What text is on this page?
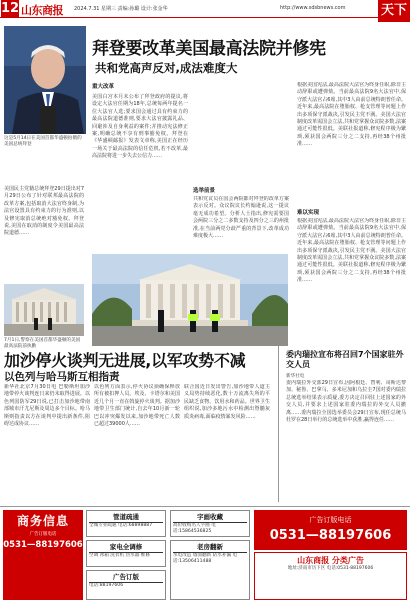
12 山东商报 2024.7.31 星期三 责编:孙璐 设计:张金华	http://www.sdsbnews.com	天下
拜登要改革美国最高法院并修宪
共和党高声反对,成法难度大
这是5月14日在美国首都华盛顿拍摄的美国总统拜登
美国民主党籍总统拜登29日提出对7月29日公布了针对联邦最高法院的改革方案,包括取消大法官终身制,为法官设置具有约束力的行为准则,以及修宪取消总统绝对豁免权。拜登说,美国在取消的制度令美国最高法院道德……
7月1日,警察在美国首都华盛顿的美国最高法院前执勤
重大改革
美国白宫本月末公布了拜登政府的提议,将设定大法官任期为18年,总统每两年提名一位大法官人选;要求国会通过具有约束力的最高法院道德准则,要求大法官披露礼品、回避涉及自身利益的案件;并推动宪法修正案,明确总统不享有刑事豁免权。拜登在《华盛顿邮报》发表文章称,美国正在经历一场关于最高法院的信任危机,若不改革,最高法院将进一步失去公信力……
选举前景
共和党议员在国会两院都对拜登的改革方案表示反对。众议院议长约翰逊说,这一提议毫无成功希望。分析人士指出,修宪需要国会两院三分之二多数支持及四分之三的州批准,在当前两党分歧严重的背景下,改革成功难度极大……
根据美国宪法,最高法院大法官为终身任职,除非主动辞职或遭弹劾。当前最高法院9名大法官中,保守派大法官占6席,其中3人由前总统特朗普任命。近年来,最高法院在堕胎权、枪支管理等问题上作出多项保守派裁决,引发民主党不满。美国大法官制度改革需国会立法,共和党掌握众议院多数,法案通过可能性很低。美联社报道称,修宪程序极为繁琐,须获国会两院三分之二支持,再经38个州批准……
难以实现
根据美国宪法,最高法院大法官为终身任职,除非主动辞职或遭弹劾。当前最高法院9名大法官中,保守派大法官占6席,其中3人由前总统特朗普任命。近年来,最高法院在堕胎权、枪支管理等问题上作出多项保守派裁决,引发民主党不满。美国大法官制度改革需国会立法,共和党掌握众议院多数,法案通过可能性很低。美联社报道称,修宪程序极为繁琐,须获国会两院三分之二支持,再经38个州批准……
加沙停火谈判无进展,以军攻势不减
以色列与哈马斯互相指责
新华社北京7月30日电 巴勒斯坦加沙地带停火谈判连日来仍未取得进展。以色列国防军29日说,已打击加沙地带南部城市汗尤尼斯及周边多个目标。哈马斯则指责以方在谈判中提出新条件,阻碍达成协议……
以色列方面表示,停火协议须确保释放所有被扣押人员。埃及、卡塔尔和美国近几个月一直在斡旋停火谈判。据加沙地带卫生部门统计,自去年10月新一轮巴以冲突爆发以来,加沙地带死亡人数已超过39000人……
联合国近日发出警告,加沙地带人道主义局势持续恶化,数十万流离失所的平民缺乏食物、饮用水和药品。世界卫生组织说,加沙多地污水中检测出脊髓灰质炎病毒,面临疫情暴发风险……
委内瑞拉宣布将召回7个国家驻外交人员
新华社电
委内瑞拉外交部29日宣布,因阿根廷、智利、哥斯达黎加、秘鲁、巴拿马、多米尼加和乌拉圭7国对委内瑞拉总统选举结果表示质疑,委方决定召回驻上述国家的外交人员,并要求上述国家驻委内瑞拉的外交人员撤离……委内瑞拉全国选举委员会29日宣布,现任总统马杜罗在28日举行的总统选举中获胜,赢得连任……
商务信息
广告订版电话
0531—88197606
管道疏通
全城专业疏通 电话:68898887
字画收藏
高价收购名人字画 电话:15864536825
家电全调修
空调 冰箱 洗衣机 热水器 维修
老房翻新
水电改造 墙面翻新 防水补漏 电话:13506411488
广告订版
电话:88197606
广告订版电话
0531—88197606
山东商报 分类广告
地址:济南市历下区 电话:0531-88197606
